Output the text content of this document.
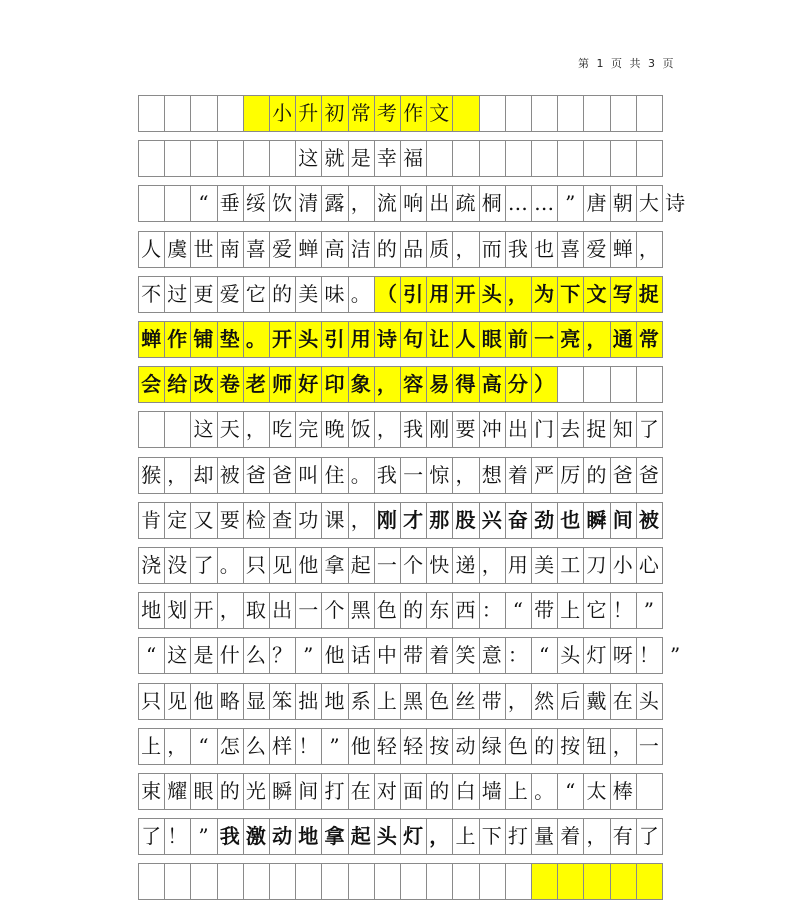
第 1 页 共 3 页
小 升 初 常 考 作 文
这 就 是 幸 福
“ 垂 绥 饮 清 露 ， 流 响 出 疏 桐 … … ” 唐 朝 大 诗
人 虞 世 南 喜 爱 蝉 高 洁 的 品 质 ， 而 我 也 喜 爱 蝉 ，
不 过 更 爱 它 的 美 味 。 （ 引 用 开 头 ， 为 下 文 写 捉
蝉 作 铺 垫 。 开 头 引 用 诗 句 让 人 眼 前 一 亮 ， 通 常
会 给 改 卷 老 师 好 印 象 ， 容 易 得 高 分 ）
这 天 ， 吃 完 晚 饭 ， 我 刚 要 冲 出 门 去 捉 知 了
猴 ， 却 被 爸 爸 叫 住 。 我 一 惊 ， 想 着 严 厉 的 爸 爸
肯 定 又 要 检 查 功 课 ， 刚 才 那 股 兴 奋 劲 也 瞬 间 被
浇 没 了 。 只 见 他 拿 起 一 个 快 递 ， 用 美 工 刀 小 心
地 划 开 ， 取 出 一 个 黑 色 的 东 西 ： “ 带 上 它 ！ ”
“ 这 是 什 么 ？ ” 他 话 中 带 着 笑 意 ： “ 头 灯 呀 ！ ”
只 见 他 略 显 笨 拙 地 系 上 黑 色 丝 带 ， 然 后 戴 在 头
上 ， “ 怎 么 样 ！ ” 他 轻 轻 按 动 绿 色 的 按 钮 ， 一
束 耀 眼 的 光 瞬 间 打 在 对 面 的 白 墙 上 。 “ 太 棒
了 ！ ” 我 激 动 地 拿 起 头 灯 ， 上 下 打 量 着 ， 有 了
